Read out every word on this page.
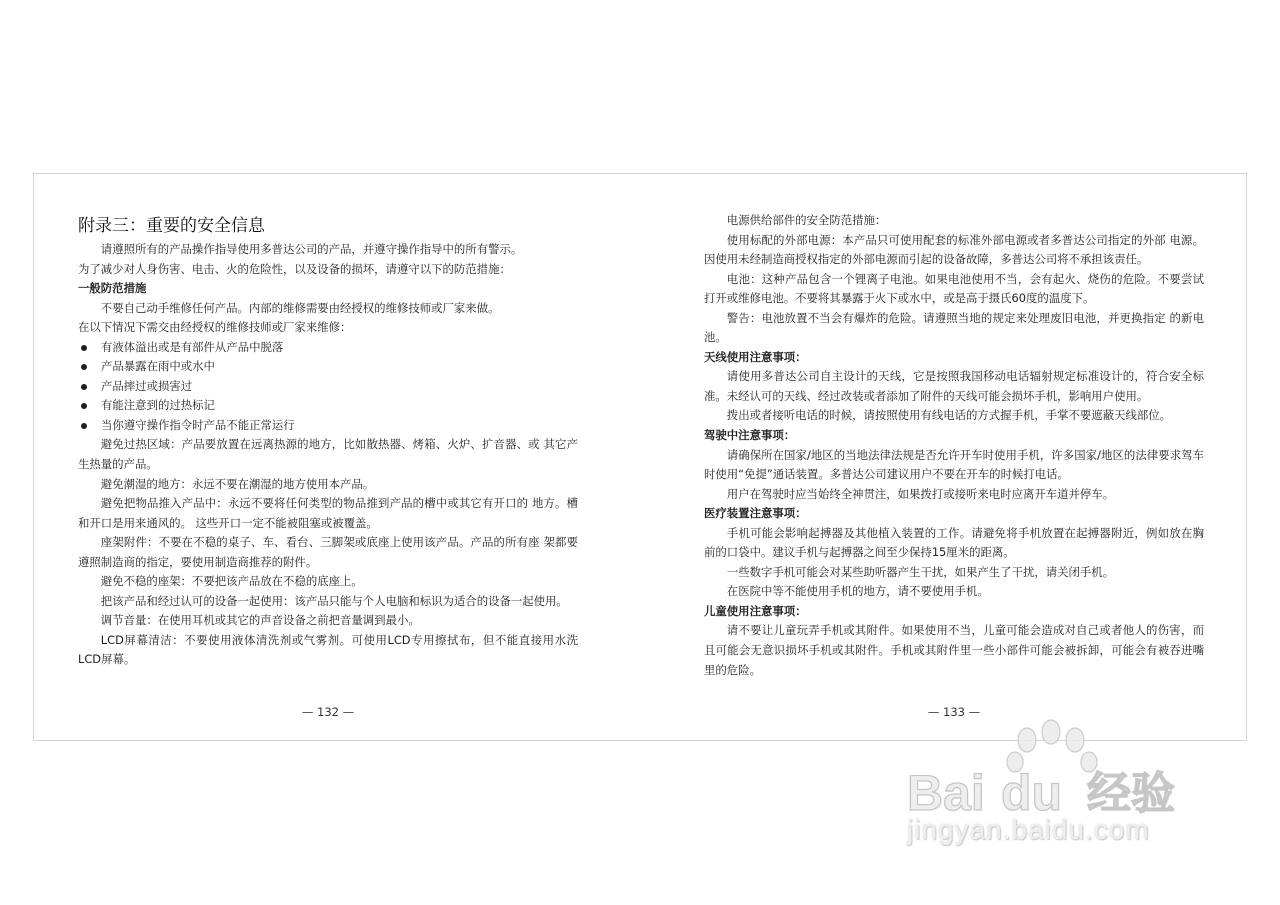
附录三：重要的安全信息

请遵照所有的产品操作指导使用多普达公司的产品，并遵守操作指导中的所有警示。

为了减少对人身伤害、电击、火的危险性，以及设备的损坏，请遵守以下的防范措施：

一般防范措施

不要自己动手维修任何产品。内部的维修需要由经授权的维修技师或厂家来做。

在以下情况下需交由经授权的维修技师或厂家来维修：

有液体溢出或是有部件从产品中脱落
产品暴露在雨中或水中
产品摔过或损害过
有能注意到的过热标记
当你遵守操作指令时产品不能正常运行

避免过热区域：产品要放置在远离热源的地方，比如散热器、烤箱、火炉、扩音器、或 其它产生热量的产品。

避免潮湿的地方：永远不要在潮湿的地方使用本产品。

避免把物品推入产品中：永远不要将任何类型的物品推到产品的槽中或其它有开口的 地方。槽和开口是用来通风的。 这些开口一定不能被阻塞或被覆盖。

座架附件：不要在不稳的桌子、车、看台、三脚架或底座上使用该产品。产品的所有座 架都要遵照制造商的指定，要使用制造商推荐的附件。

避免不稳的座架：不要把该产品放在不稳的底座上。

把该产品和经过认可的设备一起使用：该产品只能与个人电脑和标识为适合的设备一起使用。

调节音量：在使用耳机或其它的声音设备之前把音量调到最小。

LCD屏幕清洁：不要使用液体清洗剂或气雾剂。可使用LCD专用擦拭布，但不能直接用水洗LCD屏幕。

— 132 —

电源供给部件的安全防范措施：

使用标配的外部电源：本产品只可使用配套的标准外部电源或者多普达公司指定的外部 电源。因使用未经制造商授权指定的外部电源而引起的设备故障，多普达公司将不承担该责任。

电池：这种产品包含一个锂离子电池。如果电池使用不当，会有起火、烧伤的危险。不要尝试打开或维修电池。不要将其暴露于火下或水中，或是高于摄氏60度的温度下。

警告：电池放置不当会有爆炸的危险。请遵照当地的规定来处理废旧电池，并更换指定 的新电池。

天线使用注意事项：

请使用多普达公司自主设计的天线，它是按照我国移动电话辐射规定标准设计的，符合安全标准。未经认可的天线、经过改装或者添加了附件的天线可能会损坏手机，影响用户使用。

拨出或者接听电话的时候，请按照使用有线电话的方式握手机，手掌不要遮蔽天线部位。

驾驶中注意事项：

请确保所在国家/地区的当地法律法规是否允许开车时使用手机，许多国家/地区的法律要求驾车时使用“免提”通话装置。多普达公司建议用户不要在开车的时候打电话。

用户在驾驶时应当始终全神贯注，如果拨打或接听来电时应离开车道并停车。

医疗装置注意事项：

手机可能会影响起搏器及其他植入装置的工作。请避免将手机放置在起搏器附近，例如放在胸前的口袋中。建议手机与起搏器之间至少保持15厘米的距离。

一些数字手机可能会对某些助听器产生干扰，如果产生了干扰，请关闭手机。

在医院中等不能使用手机的地方，请不要使用手机。

儿童使用注意事项：

请不要让儿童玩弄手机或其附件。如果使用不当，儿童可能会造成对自己或者他人的伤害，而且可能会无意识损坏手机或其附件。手机或其附件里一些小部件可能会被拆卸，可能会有被吞进嘴里的危险。

— 133 —
Bai du 经验
jingyan.baidu.com
